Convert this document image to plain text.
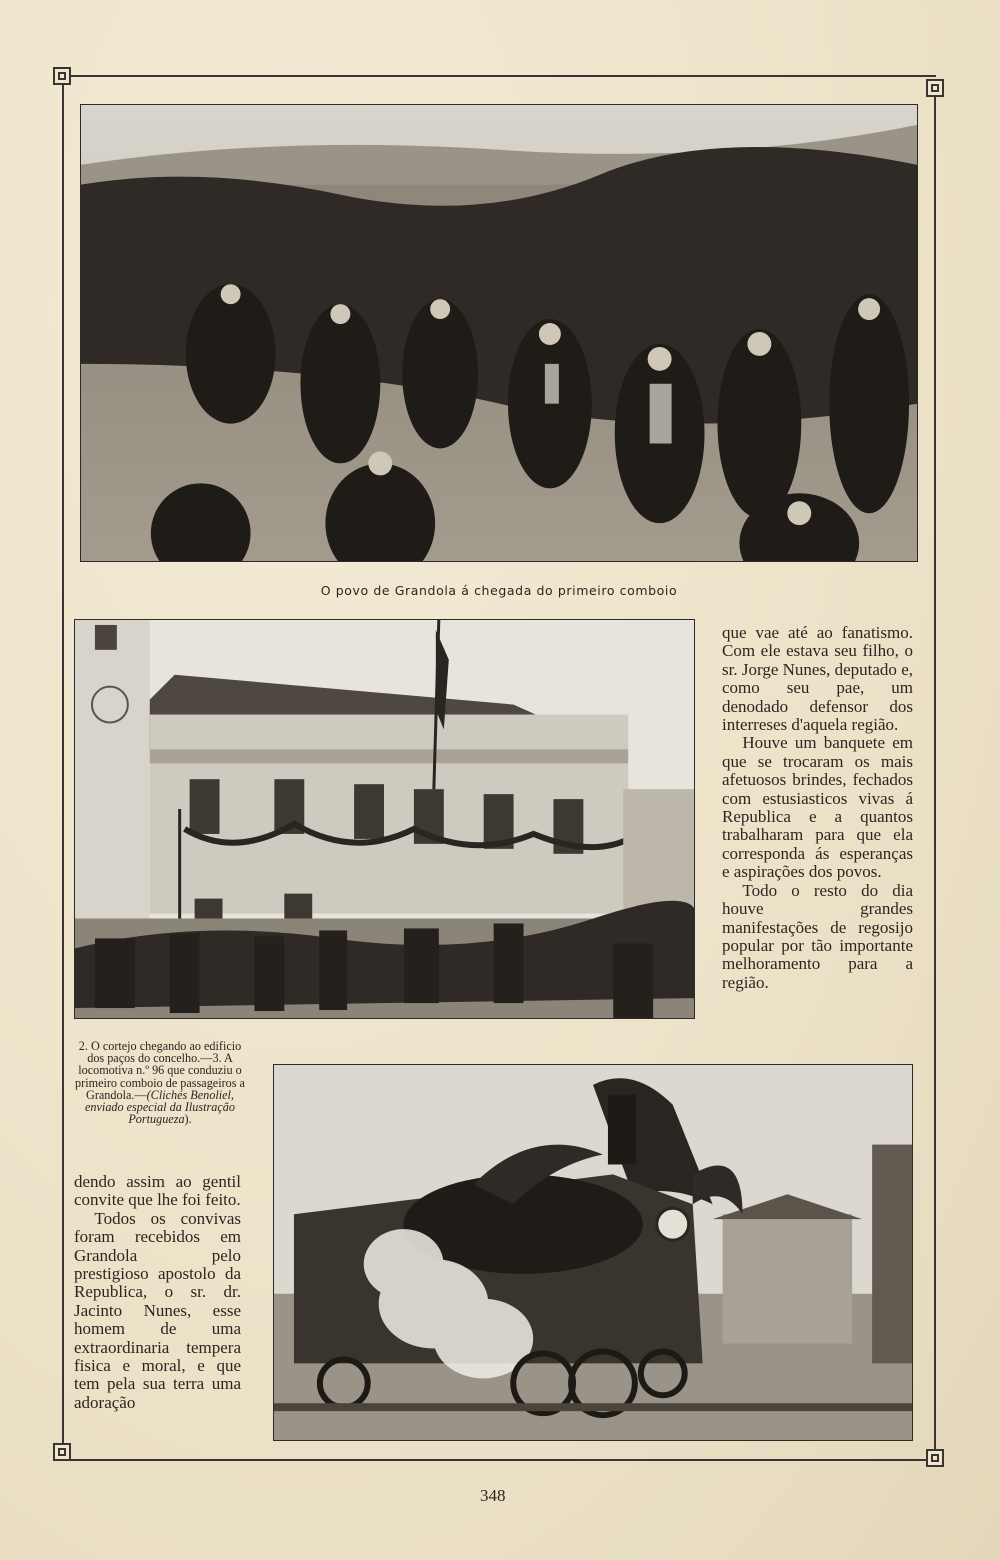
O povo de Grandola á chegada do primeiro comboio

que vae até ao fanatismo. Com ele estava seu filho, o sr. Jorge Nunes, deputado e, como seu pae, um denodado defensor dos interreses d'aquela região.

Houve um banquete em que se trocaram os mais afetuosos brindes, fechados com estusiasticos vivas á Republica e a quantos trabalharam para que ela corresponda ás esperanças e aspirações dos povos.

Todo o resto do dia houve grandes manifestações de regosijo popular por tão importante melhoramento para a região.

2. O cortejo chegando ao edificio dos paços do concelho.—3. A locomotiva n.º 96 que conduziu o primeiro comboio de passageiros a Grandola.—(Clichés Benoliel, enviado especial da Ilustração Portugueza).

dendo assim ao gentil convite que lhe foi feito.

Todos os convivas foram recebidos em Grandola pelo prestigioso apostolo da Republica, o sr. dr. Jacinto Nunes, esse homem de uma extraordinaria tempera fisica e moral, e que tem pela sua terra uma adoração

348
